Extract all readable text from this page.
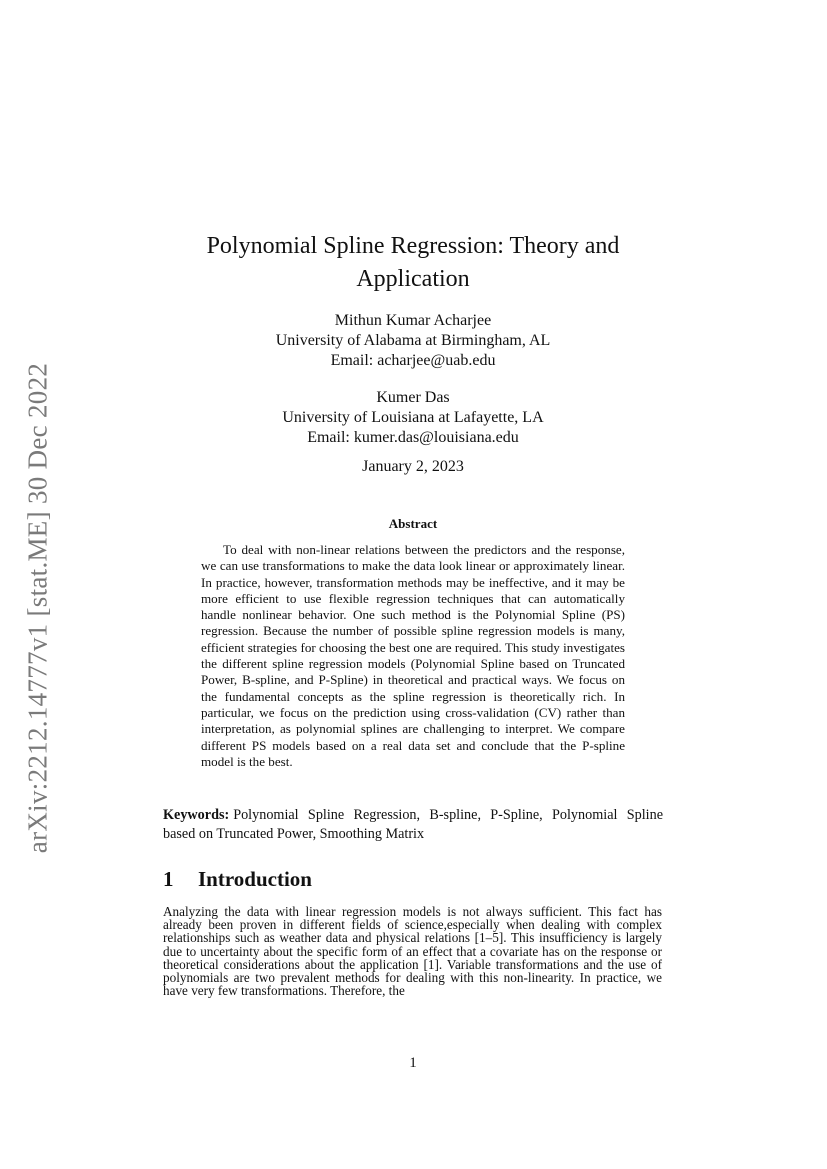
arXiv:2212.14777v1 [stat.ME] 30 Dec 2022
Polynomial Spline Regression: Theory and
Application
Mithun Kumar Acharjee
University of Alabama at Birmingham, AL
Email: acharjee@uab.edu
Kumer Das
University of Louisiana at Lafayette, LA
Email: kumer.das@louisiana.edu
January 2, 2023
Abstract

To deal with non-linear relations between the predictors and the response, we can use transformations to make the data look linear or approximately linear. In practice, however, transformation methods may be ineffective, and it may be more efficient to use flexible regression techniques that can automatically handle nonlinear behavior. One such method is the Polynomial Spline (PS) regression. Because the number of possible spline regression models is many, efficient strategies for choosing the best one are required. This study investigates the different spline regression models (Polynomial Spline based on Truncated Power, B-spline, and P-Spline) in theoretical and practical ways. We focus on the fundamental concepts as the spline regression is theoretically rich. In particular, we focus on the prediction using cross-validation (CV) rather than interpretation, as polynomial splines are challenging to interpret. We compare different PS models based on a real data set and conclude that the P-spline model is the best.

Keywords: Polynomial Spline Regression, B-spline, P-Spline, Polynomial Spline based on Truncated Power, Smoothing Matrix

1 Introduction

Analyzing the data with linear regression models is not always sufficient. This fact has already been proven in different fields of science,especially when dealing with complex relationships such as weather data and physical relations [1–5]. This insufficiency is largely due to uncertainty about the specific form of an effect that a covariate has on the response or theoretical considerations about the application [1]. Variable transformations and the use of polynomials are two prevalent methods for dealing with this non-linearity. In practice, we have very few transformations. Therefore, the

1
